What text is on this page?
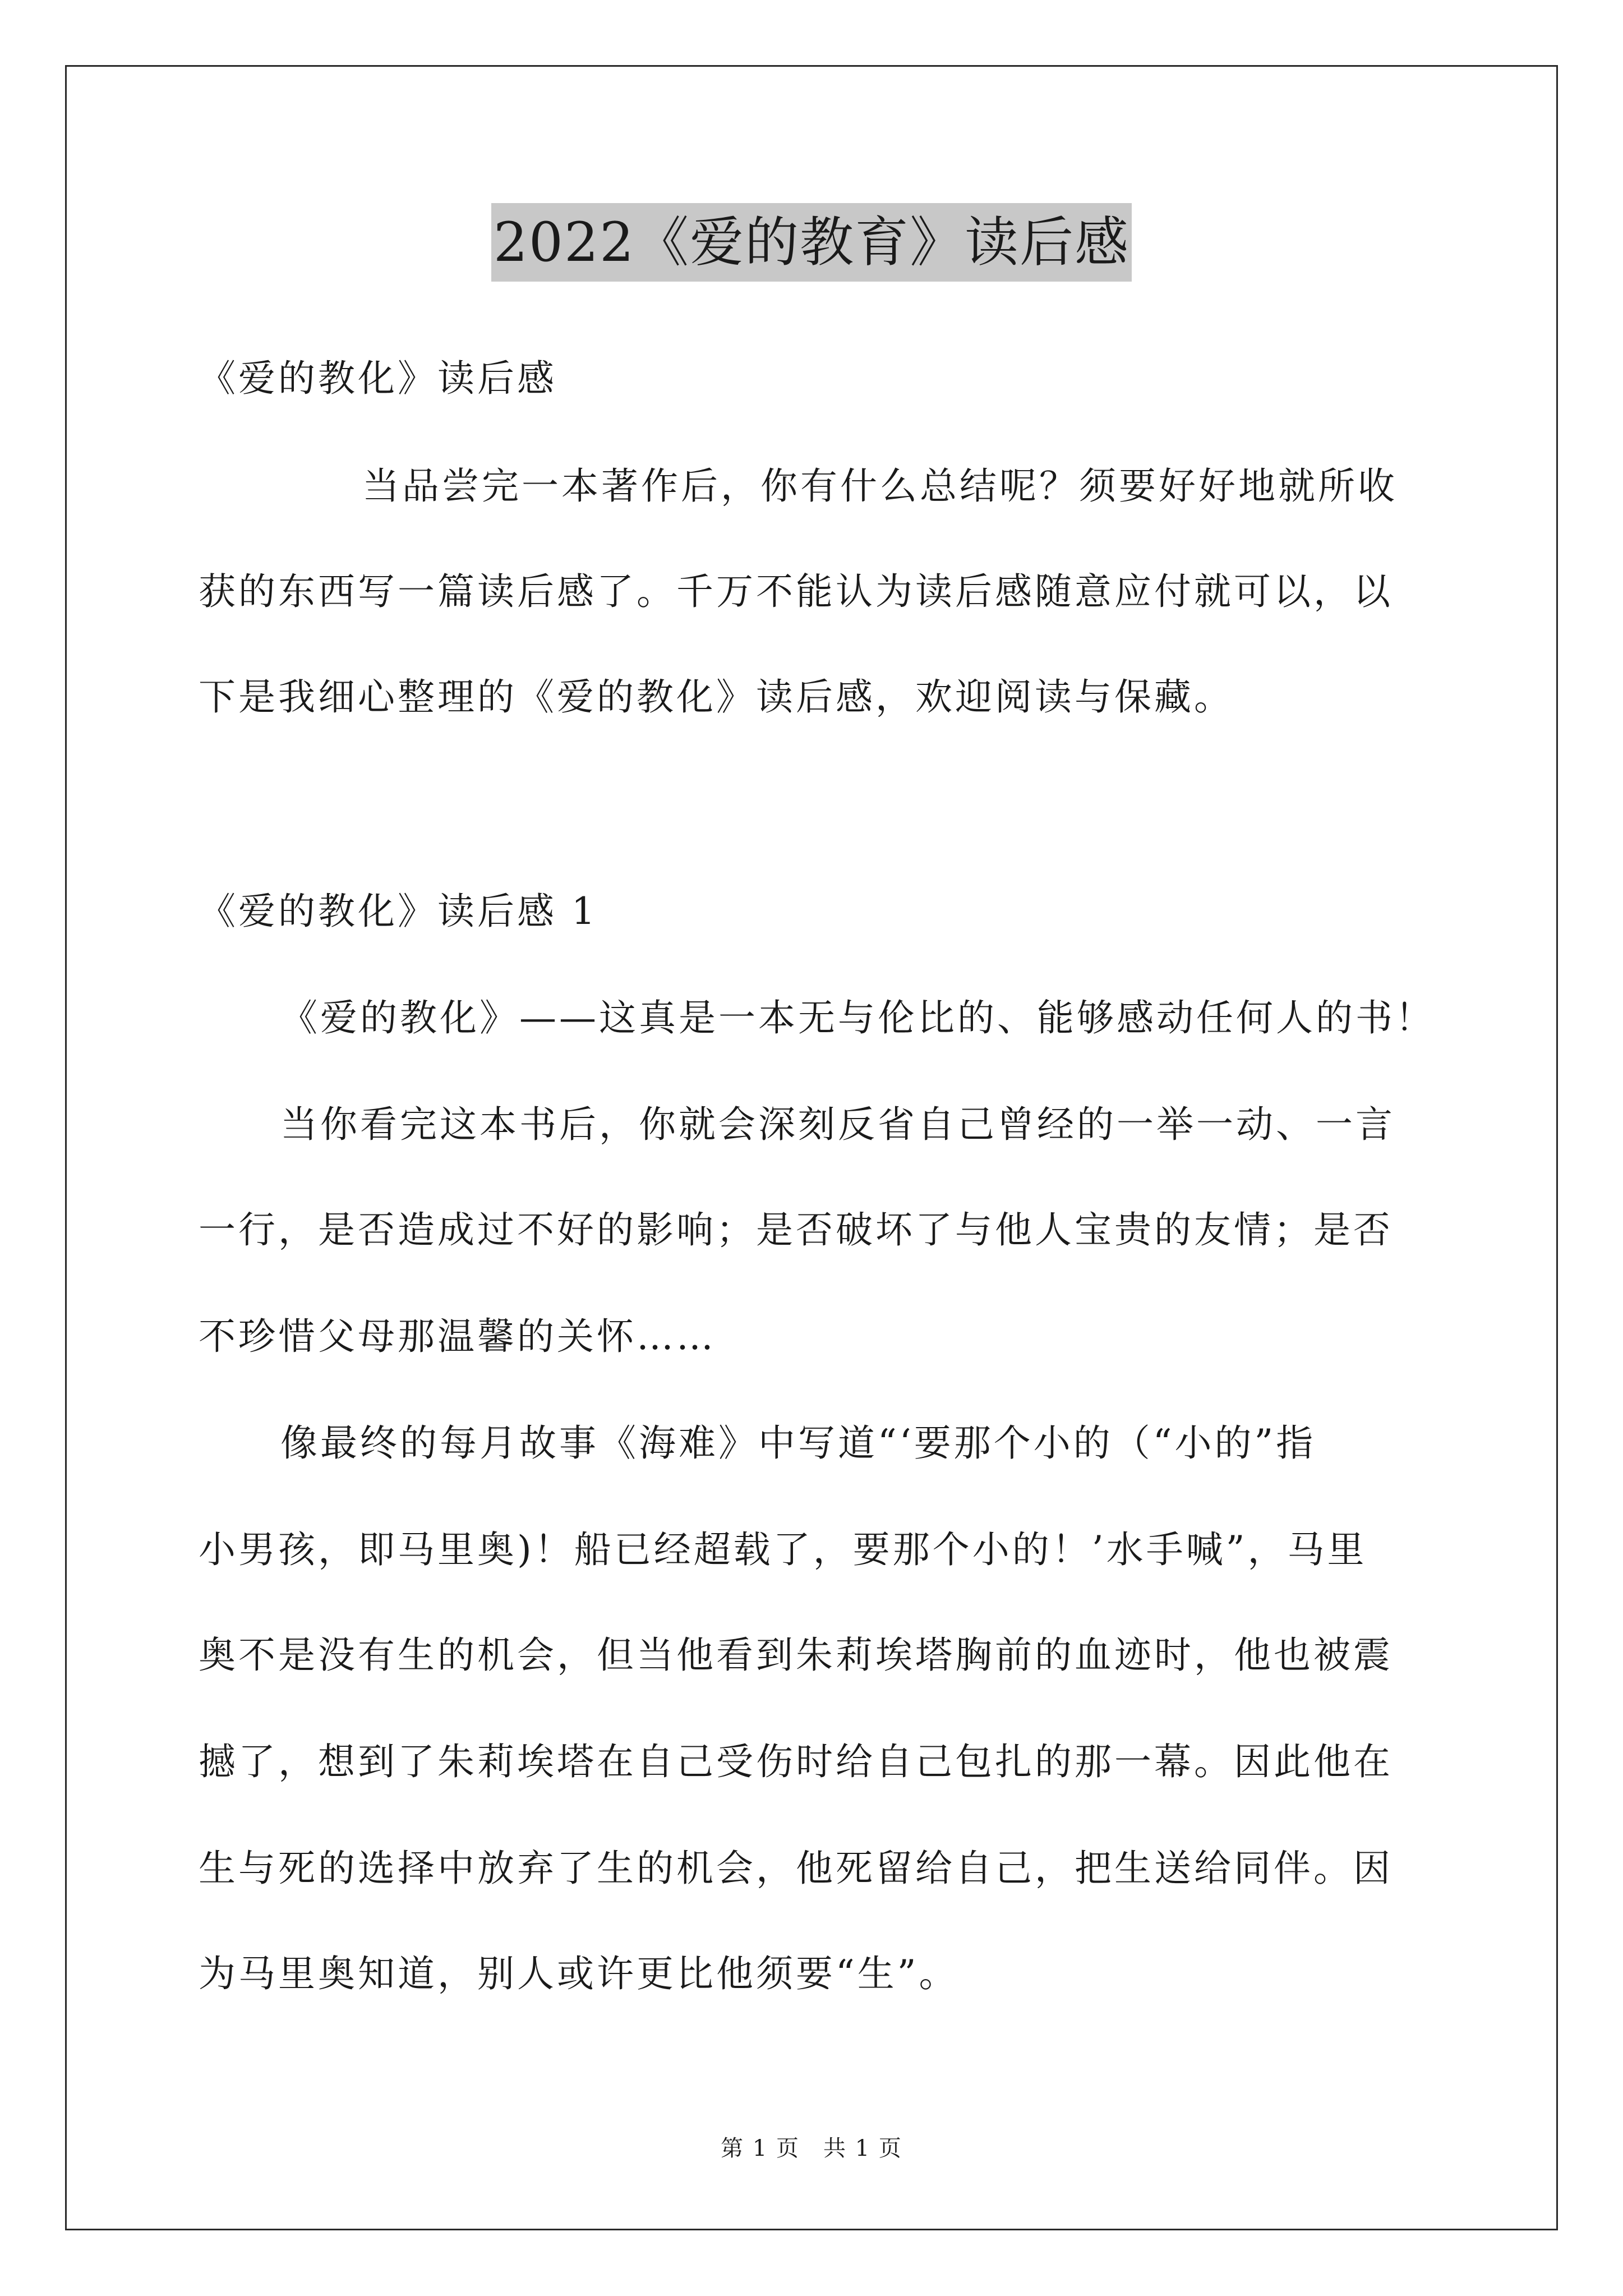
2022《爱的教育》读后感
《爱的教化》读后感
当品尝完一本著作后，你有什么总结呢？须要好好地就所收
获的东西写一篇读后感了。千万不能认为读后感随意应付就可以，以
下是我细心整理的《爱的教化》读后感，欢迎阅读与保藏。
《爱的教化》读后感 1
《爱的教化》——这真是一本无与伦比的、能够感动任何人的书！
当你看完这本书后，你就会深刻反省自己曾经的一举一动、一言
一行，是否造成过不好的影响；是否破坏了与他人宝贵的友情；是否
不珍惜父母那温馨的关怀……
像最终的每月故事《海难》中写道“‘要那个小的（“小的”指
小男孩，即马里奥)！船已经超载了，要那个小的！’水手喊”，马里
奥不是没有生的机会，但当他看到朱莉埃塔胸前的血迹时，他也被震
撼了，想到了朱莉埃塔在自己受伤时给自己包扎的那一幕。因此他在
生与死的选择中放弃了生的机会，他死留给自己，把生送给同伴。因
为马里奥知道，别人或许更比他须要“生”。
第 1 页　共 1 页
